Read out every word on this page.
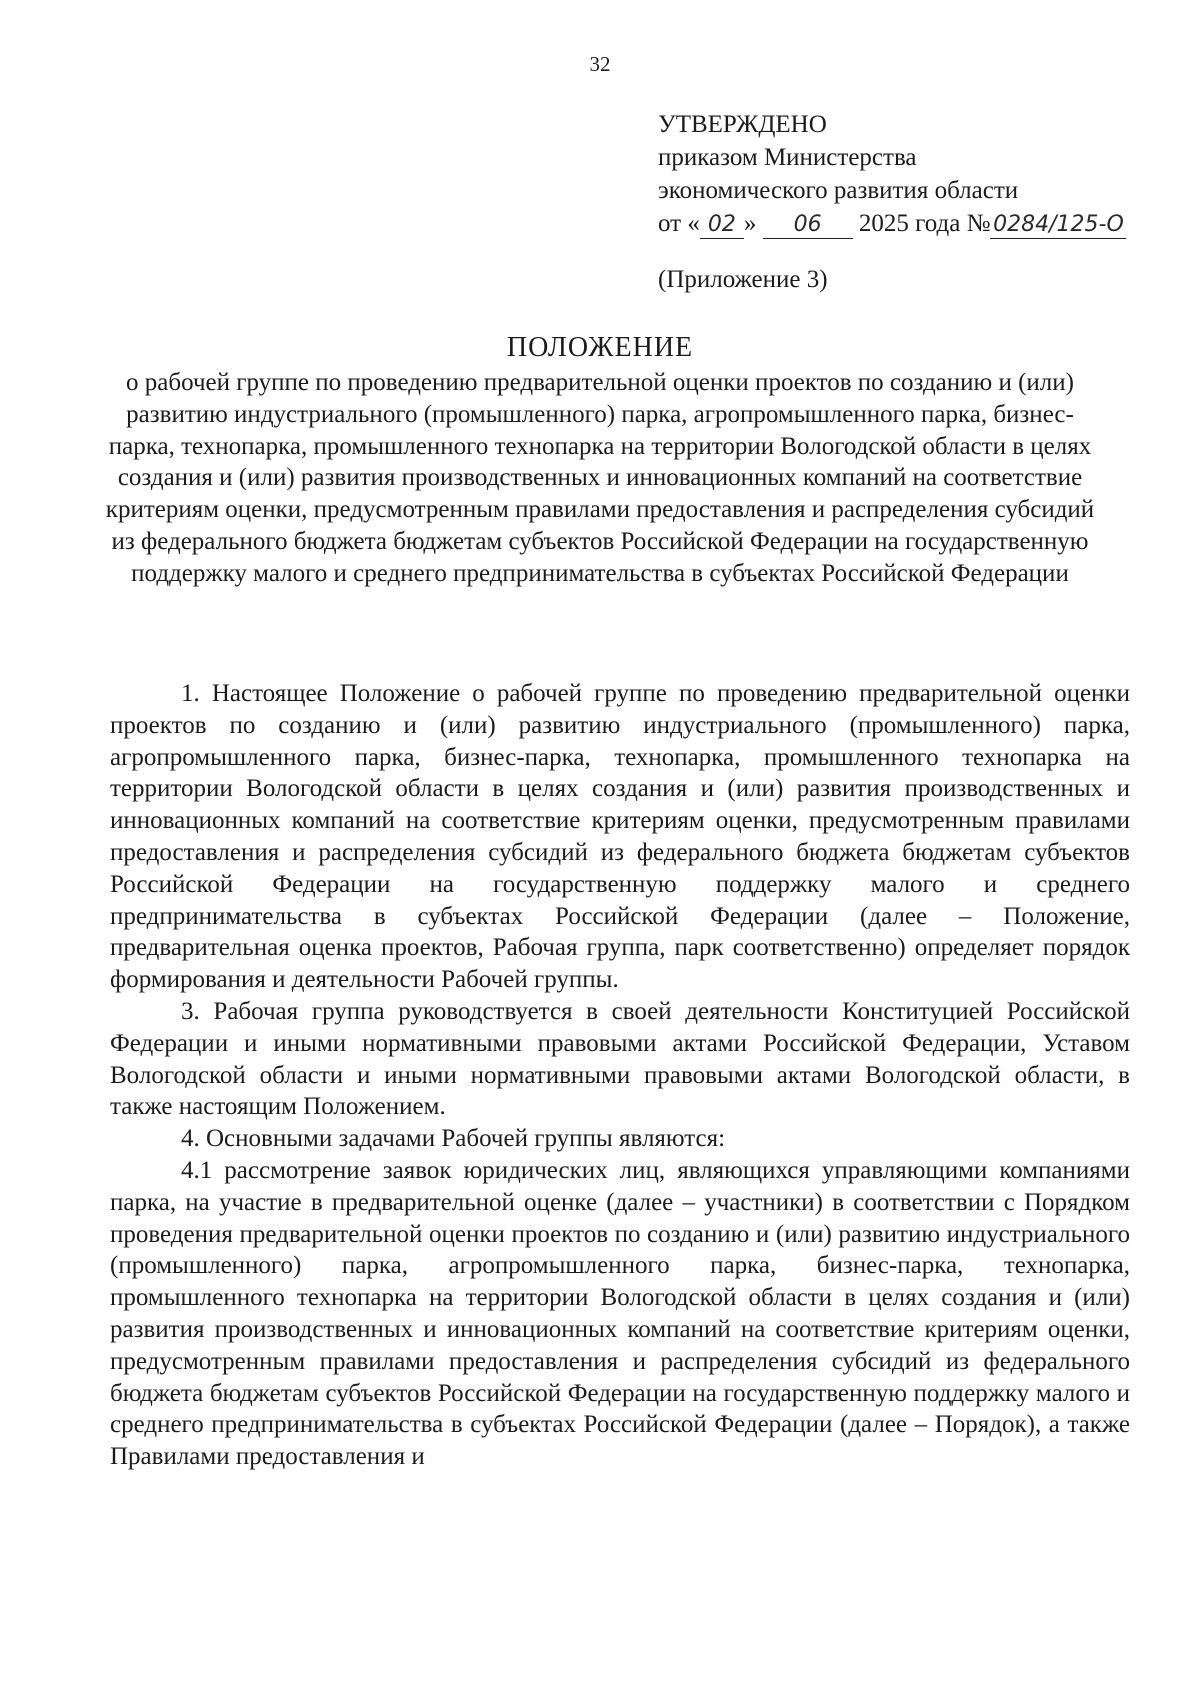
32
УТВЕРЖДЕНО
приказом Министерства
экономического развития области
от « 02 » 06 2025 года № 0284/125-О
(Приложение 3)
ПОЛОЖЕНИЕ
о рабочей группе по проведению предварительной оценки проектов по созданию и (или) развитию индустриального (промышленного) парка, агропромышленного парка, бизнес-парка, технопарка, промышленного технопарка на территории Вологодской области в целях создания и (или) развития производственных и инновационных компаний на соответствие критериям оценки, предусмотренным правилами предоставления и распределения субсидий из федерального бюджета бюджетам субъектов Российской Федерации на государственную поддержку малого и среднего предпринимательства в субъектах Российской Федерации

1. Настоящее Положение о рабочей группе по проведению предварительной оценки проектов по созданию и (или) развитию индустриального (промышленного) парка, агропромышленного парка, бизнес-парка, технопарка, промышленного технопарка на территории Вологодской области в целях создания и (или) развития производственных и инновационных компаний на соответствие критериям оценки, предусмотренным правилами предоставления и распределения субсидий из федерального бюджета бюджетам субъектов Российской Федерации на государственную поддержку малого и среднего предпринимательства в субъектах Российской Федерации (далее – Положение, предварительная оценка проектов, Рабочая группа, парк соответственно) определяет порядок формирования и деятельности Рабочей группы.

3. Рабочая группа руководствуется в своей деятельности Конституцией Российской Федерации и иными нормативными правовыми актами Российской Федерации, Уставом Вологодской области и иными нормативными правовыми актами Вологодской области, в также настоящим Положением.

4. Основными задачами Рабочей группы являются:

4.1 рассмотрение заявок юридических лиц, являющихся управляющими компаниями парка, на участие в предварительной оценке (далее – участники) в соответствии с Порядком проведения предварительной оценки проектов по созданию и (или) развитию индустриального (промышленного) парка, агропромышленного парка, бизнес-парка, технопарка, промышленного технопарка на территории Вологодской области в целях создания и (или) развития производственных и инновационных компаний на соответствие критериям оценки, предусмотренным правилами предоставления и распределения субсидий из федерального бюджета бюджетам субъектов Российской Федерации на государственную поддержку малого и среднего предпринимательства в субъектах Российской Федерации (далее – Порядок), а также Правилами предоставления и
